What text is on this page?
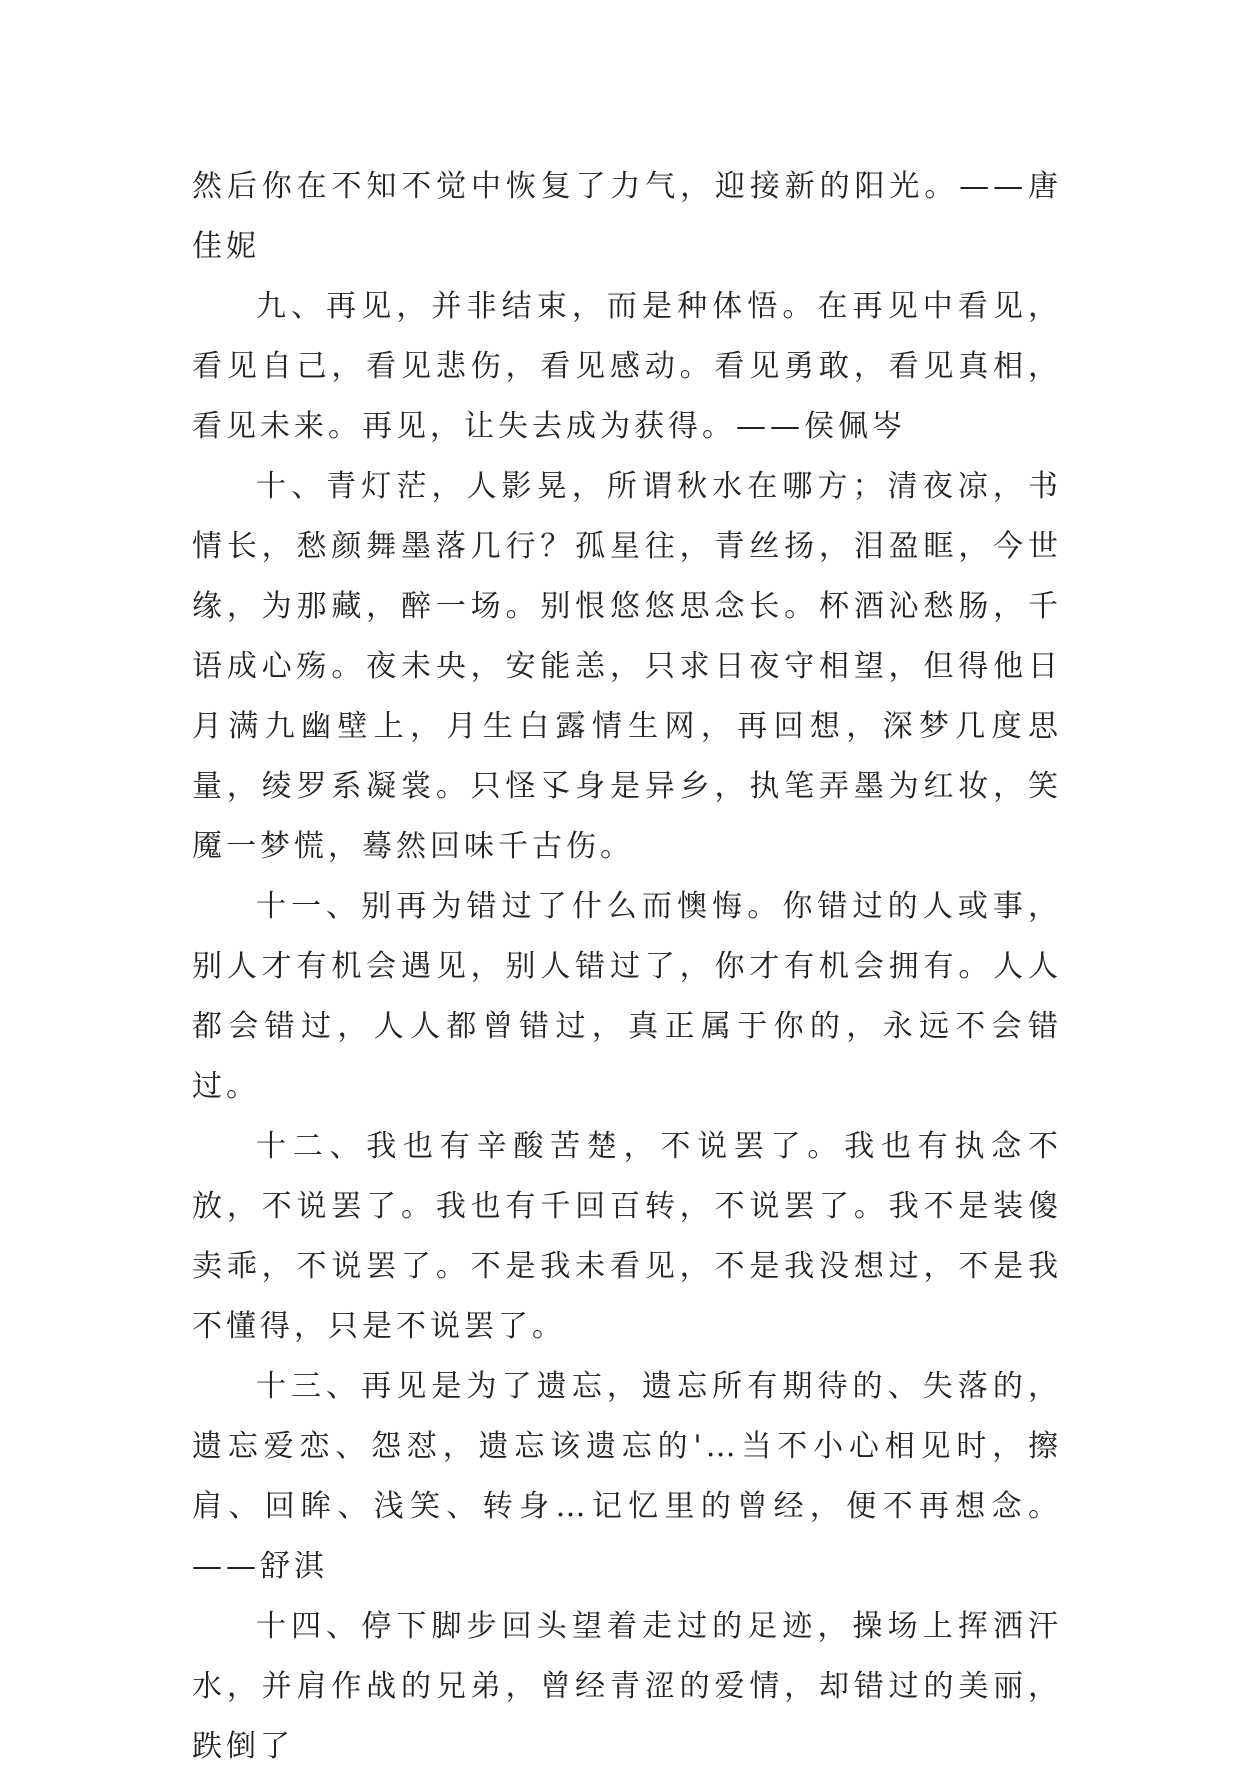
然后你在不知不觉中恢复了力气，迎接新的阳光。——唐佳妮

九、再见，并非结束，而是种体悟。在再见中看见，看见自己，看见悲伤，看见感动。看见勇敢，看见真相，看见未来。再见，让失去成为获得。——侯佩岑

十、青灯茫，人影晃，所谓秋水在哪方；清夜凉，书情长，愁颜舞墨落几行？孤星往，青丝扬，泪盈眶，今世缘，为那藏，醉一场。别恨悠悠思念长。杯酒沁愁肠，千语成心殇。夜未央，安能恙，只求日夜守相望，但得他日月满九幽壁上，月生白露情生网，再回想，深梦几度思量，绫罗系凝裳。只怪孓身是异乡，执笔弄墨为红妆，笑魇一梦慌，蓦然回味千古伤。

十一、别再为错过了什么而懊悔。你错过的人或事，别人才有机会遇见，别人错过了，你才有机会拥有。人人都会错过，人人都曾错过，真正属于你的，永远不会错过。

十二、我也有辛酸苦楚，不说罢了。我也有执念不放，不说罢了。我也有千回百转，不说罢了。我不是装傻卖乖，不说罢了。不是我未看见，不是我没想过，不是我不懂得，只是不说罢了。

十三、再见是为了遗忘，遗忘所有期待的、失落的，遗忘爱恋、怨怼，遗忘该遗忘的'…当不小心相见时，擦肩、回眸、浅笑、转身…记忆里的曾经，便不再想念。——舒淇

十四、停下脚步回头望着走过的足迹，操场上挥洒汗水，并肩作战的兄弟，曾经青涩的爱情，却错过的美丽，跌倒了
